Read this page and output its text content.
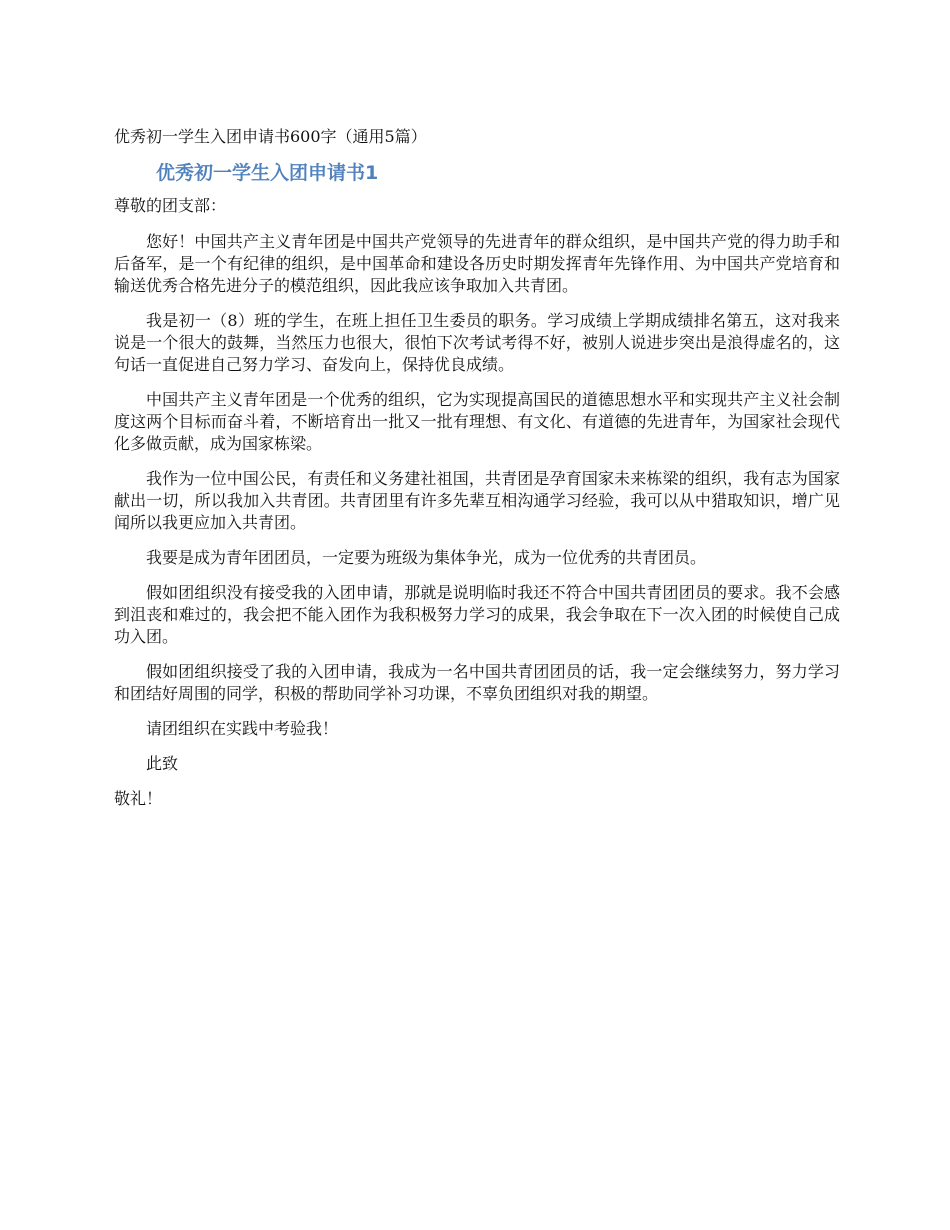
优秀初一学生入团申请书600字（通用5篇）
优秀初一学生入团申请书1
尊敬的团支部：

您好！中国共产主义青年团是中国共产党领导的先进青年的群众组织，是中国共产党的得力助手和后备军，是一个有纪律的组织，是中国革命和建设各历史时期发挥青年先锋作用、为中国共产党培育和输送优秀合格先进分子的模范组织，因此我应该争取加入共青团。

我是初一（8）班的学生，在班上担任卫生委员的职务。学习成绩上学期成绩排名第五，这对我来说是一个很大的鼓舞，当然压力也很大，很怕下次考试考得不好，被别人说进步突出是浪得虚名的，这句话一直促进自己努力学习、奋发向上，保持优良成绩。

中国共产主义青年团是一个优秀的组织，它为实现提高国民的道德思想水平和实现共产主义社会制度这两个目标而奋斗着，不断培育出一批又一批有理想、有文化、有道德的先进青年，为国家社会现代化多做贡献，成为国家栋梁。

我作为一位中国公民，有责任和义务建社祖国，共青团是孕育国家未来栋梁的组织，我有志为国家献出一切，所以我加入共青团。共青团里有许多先辈互相沟通学习经验，我可以从中猎取知识，增广见闻所以我更应加入共青团。

我要是成为青年团团员，一定要为班级为集体争光，成为一位优秀的共青团员。

假如团组织没有接受我的入团申请，那就是说明临时我还不符合中国共青团团员的要求。我不会感到沮丧和难过的，我会把不能入团作为我积极努力学习的成果，我会争取在下一次入团的时候使自己成功入团。

假如团组织接受了我的入团申请，我成为一名中国共青团团员的话，我一定会继续努力，努力学习和团结好周围的同学，积极的帮助同学补习功课，不辜负团组织对我的期望。

请团组织在实践中考验我！

此致
敬礼！
